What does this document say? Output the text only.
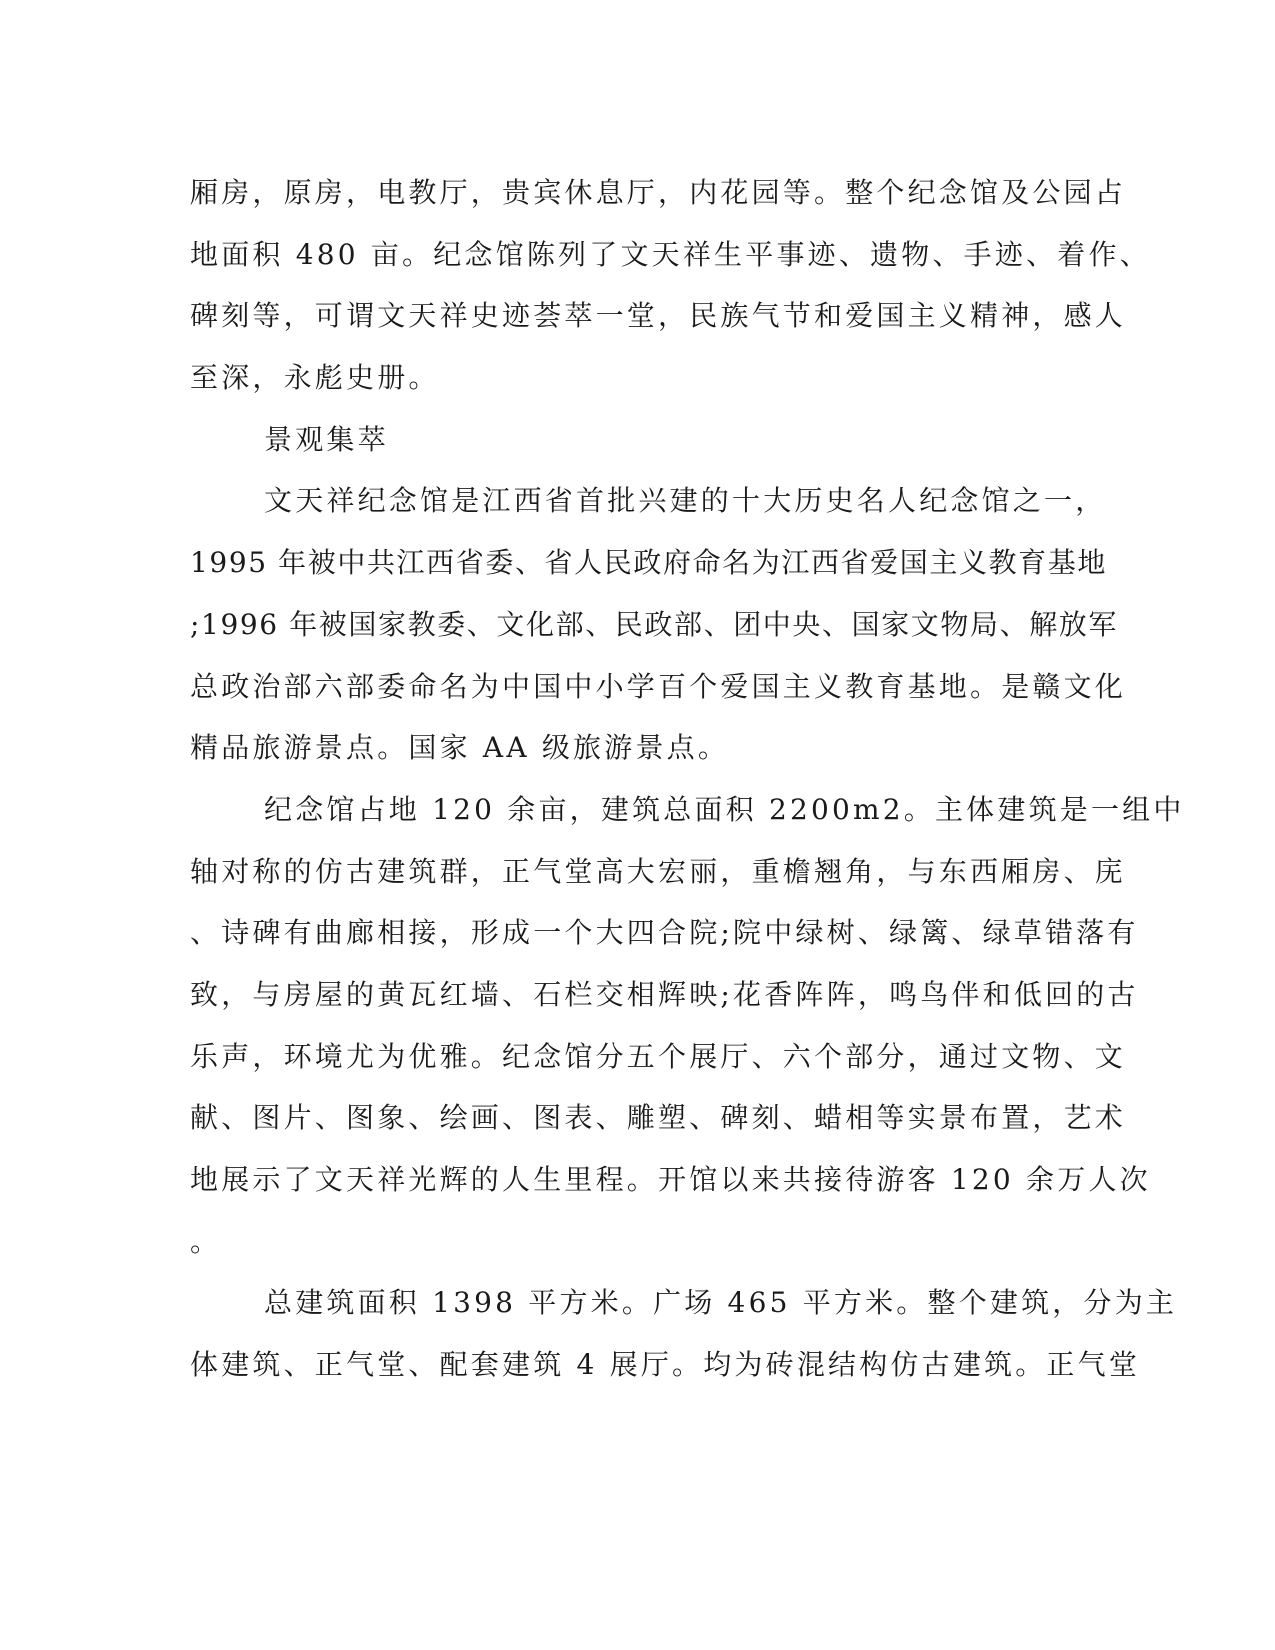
厢房，原房，电教厅，贵宾休息厅，内花园等。整个纪念馆及公园占
地面积 480 亩。纪念馆陈列了文天祥生平事迹、遗物、手迹、着作、
碑刻等，可谓文天祥史迹荟萃一堂，民族气节和爱国主义精神，感人
至深，永彪史册。
景观集萃
文天祥纪念馆是江西省首批兴建的十大历史名人纪念馆之一，
1995 年被中共江西省委、省人民政府命名为江西省爱国主义教育基地
;1996 年被国家教委、文化部、民政部、团中央、国家文物局、解放军
总政治部六部委命名为中国中小学百个爱国主义教育基地。是赣文化
精品旅游景点。国家 AA 级旅游景点。
纪念馆占地 120 余亩，建筑总面积 2200m2。主体建筑是一组中
轴对称的仿古建筑群，正气堂高大宏丽，重檐翘角，与东西厢房、庑
、诗碑有曲廊相接，形成一个大四合院;院中绿树、绿篱、绿草错落有
致，与房屋的黄瓦红墙、石栏交相辉映;花香阵阵，鸣鸟伴和低回的古
乐声，环境尤为优雅。纪念馆分五个展厅、六个部分，通过文物、文
献、图片、图象、绘画、图表、雕塑、碑刻、蜡相等实景布置，艺术
地展示了文天祥光辉的人生里程。开馆以来共接待游客 120 余万人次
。
总建筑面积 1398 平方米。广场 465 平方米。整个建筑，分为主
体建筑、正气堂、配套建筑 4 展厅。均为砖混结构仿古建筑。正气堂
